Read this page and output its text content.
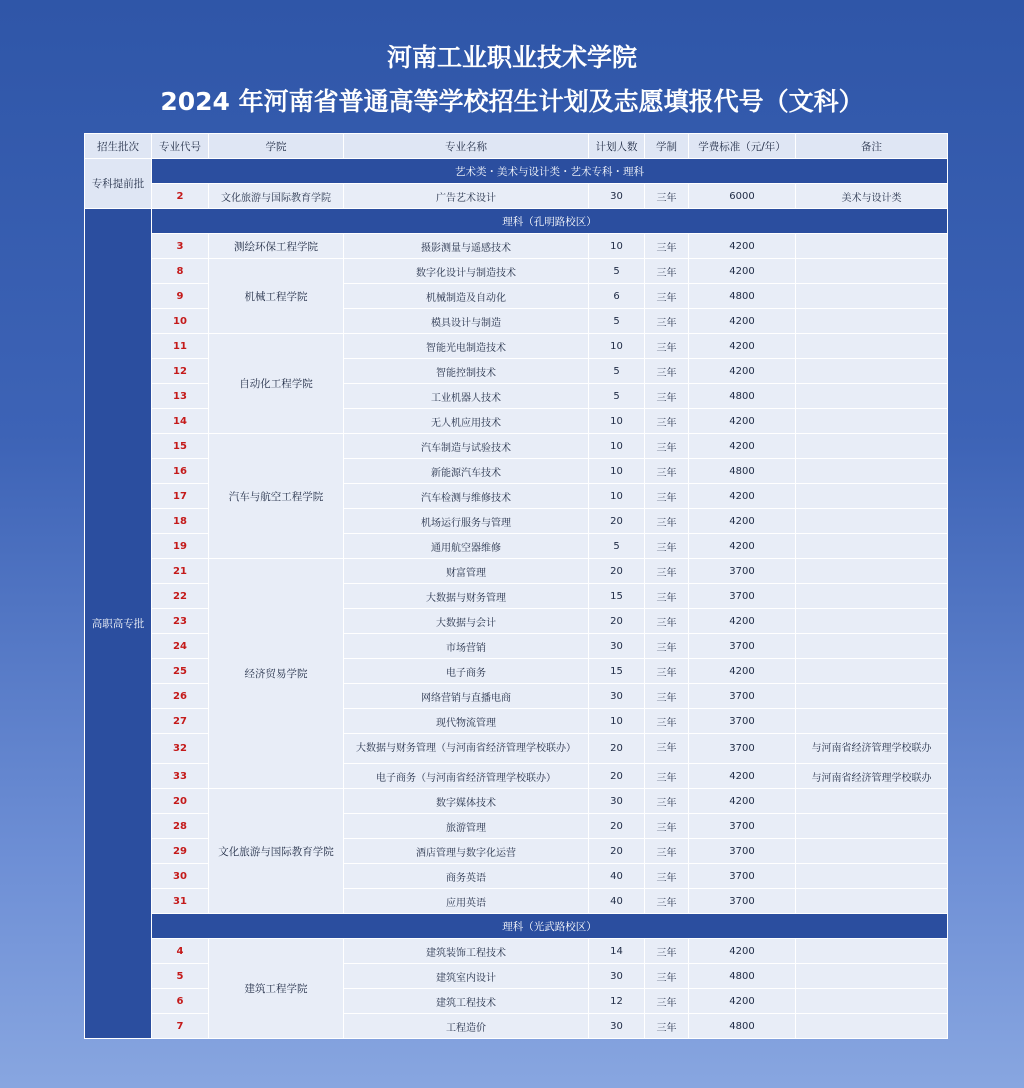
河南工业职业技术学院
2024 年河南省普通高等学校招生计划及志愿填报代号（文科）
招生批次	专业代号	学院	专业名称	计划人数	学制	学费标准（元/年）	备注
专科提前批	艺术类・美术与设计类・艺术专科・理科						
	2	文化旅游与国际教育学院	广告艺术设计	30	三年	6000	美术与设计类
高职高专批	理科（孔明路校区）						
	3	测绘环保工程学院	摄影测量与遥感技术	10	三年	4200	
	8	机械工程学院	数字化设计与制造技术	5	三年	4200	
	9		机械制造及自动化	6	三年	4800	
	10		模具设计与制造	5	三年	4200	
	11	自动化工程学院	智能光电制造技术	10	三年	4200	
	12		智能控制技术	5	三年	4200	
	13		工业机器人技术	5	三年	4800	
	14		无人机应用技术	10	三年	4200	
	15	汽车与航空工程学院	汽车制造与试验技术	10	三年	4200	
	16		新能源汽车技术	10	三年	4800	
	17		汽车检测与维修技术	10	三年	4200	
	18		机场运行服务与管理	20	三年	4200	
	19		通用航空器维修	5	三年	4200	
	21	经济贸易学院	财富管理	20	三年	3700	
	22		大数据与财务管理	15	三年	3700	
	23		大数据与会计	20	三年	4200	
	24		市场营销	30	三年	3700	
	25		电子商务	15	三年	4200	
	26		网络营销与直播电商	30	三年	3700	
	27		现代物流管理	10	三年	3700	
	32		大数据与财务管理（与河南省经济管理学校联办）	20	三年	3700	与河南省经济管理学校联办
	33		电子商务（与河南省经济管理学校联办）	20	三年	4200	与河南省经济管理学校联办
	20	文化旅游与国际教育学院	数字媒体技术	30	三年	4200	
	28		旅游管理	20	三年	3700	
	29		酒店管理与数字化运营	20	三年	3700	
	30		商务英语	40	三年	3700	
	31		应用英语	40	三年	3700	
	理科（光武路校区）						
	4	建筑工程学院	建筑装饰工程技术	14	三年	4200	
	5		建筑室内设计	30	三年	4800	
	6		建筑工程技术	12	三年	4200	
	7		工程造价	30	三年	4800	
